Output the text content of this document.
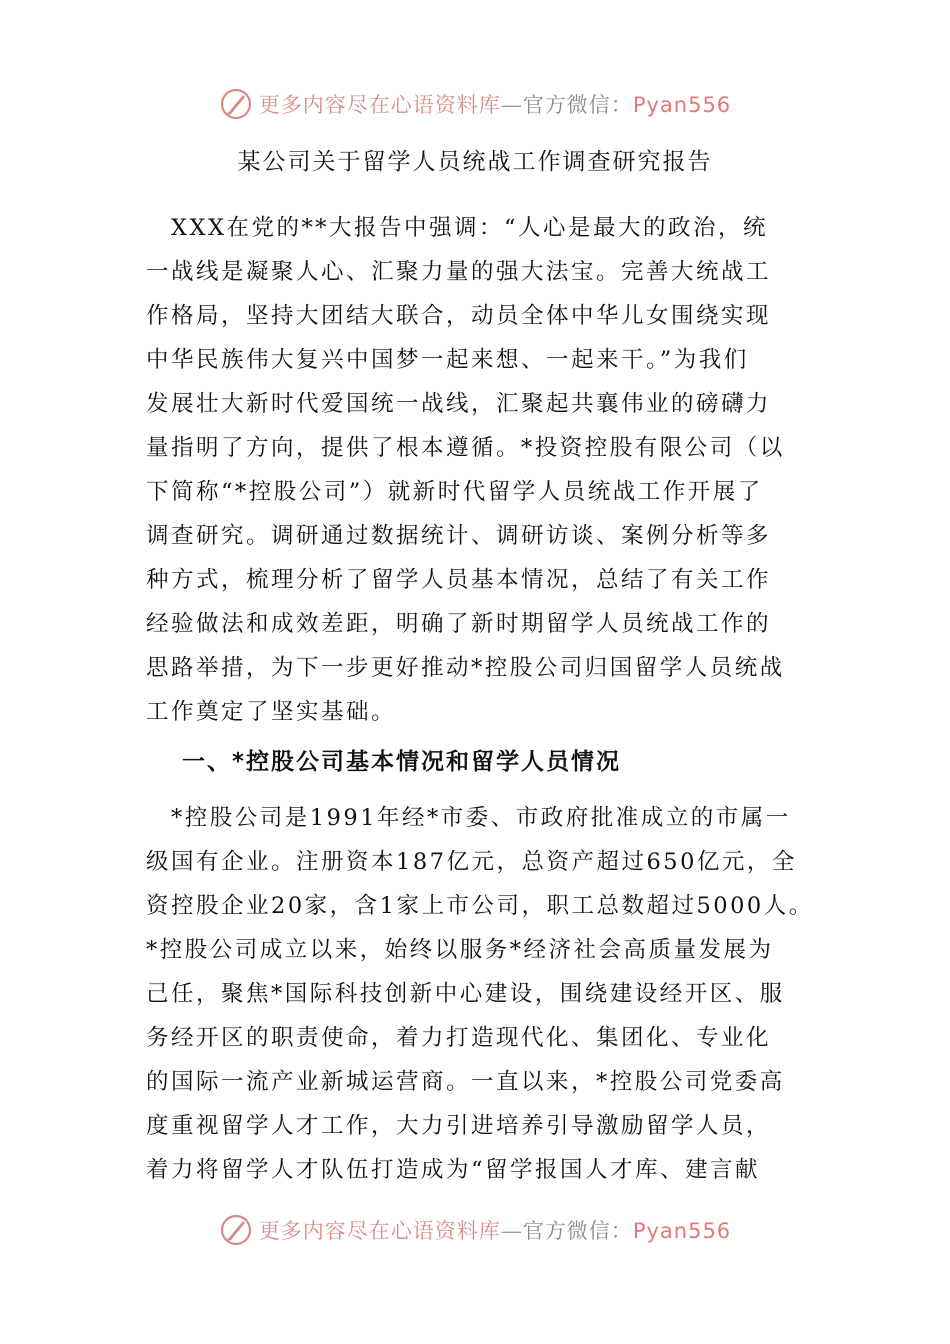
更多内容尽在心语资料库—官方微信：Pyan556
某公司关于留学人员统战工作调查研究报告
　XXX在党的**大报告中强调：“人心是最大的政治，统
一战线是凝聚人心、汇聚力量的强大法宝。完善大统战工
作格局，坚持大团结大联合，动员全体中华儿女围绕实现
中华民族伟大复兴中国梦一起来想、一起来干。”为我们
发展壮大新时代爱国统一战线，汇聚起共襄伟业的磅礴力
量指明了方向，提供了根本遵循。*投资控股有限公司（以
下简称“*控股公司”）就新时代留学人员统战工作开展了
调查研究。调研通过数据统计、调研访谈、案例分析等多
种方式，梳理分析了留学人员基本情况，总结了有关工作
经验做法和成效差距，明确了新时期留学人员统战工作的
思路举措，为下一步更好推动*控股公司归国留学人员统战
工作奠定了坚实基础。
一、*控股公司基本情况和留学人员情况
　*控股公司是1991年经*市委、市政府批准成立的市属一
级国有企业。注册资本187亿元，总资产超过650亿元，全
资控股企业20家，含1家上市公司，职工总数超过5000人。
*控股公司成立以来，始终以服务*经济社会高质量发展为
己任，聚焦*国际科技创新中心建设，围绕建设经开区、服
务经开区的职责使命，着力打造现代化、集团化、专业化
的国际一流产业新城运营商。一直以来，*控股公司党委高
度重视留学人才工作，大力引进培养引导激励留学人员，
着力将留学人才队伍打造成为“留学报国人才库、建言献
更多内容尽在心语资料库—官方微信：Pyan556
